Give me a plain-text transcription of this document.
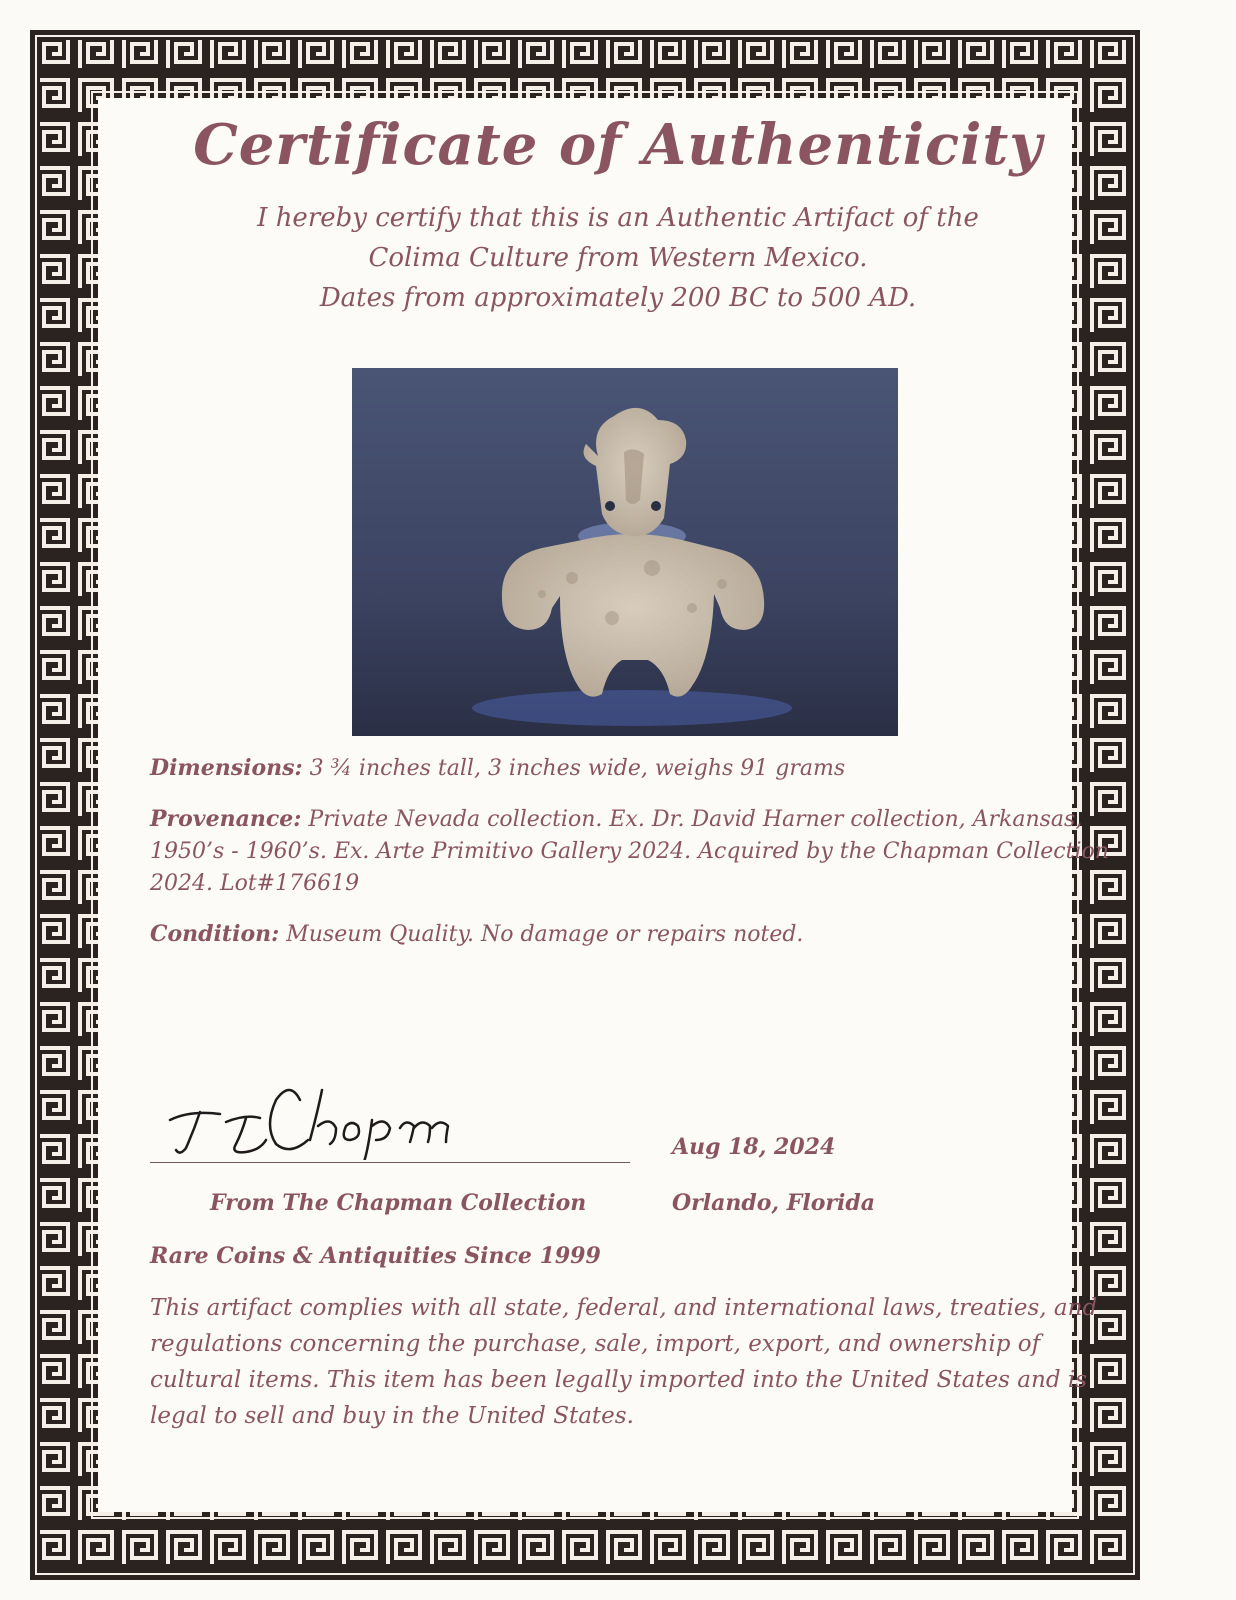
Certificate of Authenticity
I hereby certify that this is an Authentic Artifact of the
Colima Culture from Western Mexico.
Dates from approximately 200 BC to 500 AD.

Dimensions: 3 ¾ inches tall, 3 inches wide, weighs 91 grams

Provenance: Private Nevada collection. Ex. Dr. David Harner collection, Arkansas, 1950’s - 1960’s. Ex. Arte Primitivo Gallery 2024. Acquired by the Chapman Collection 2024. Lot#176619

Condition: Museum Quality. No damage or repairs noted.

Aug 18, 2024
From The Chapman Collection	Orlando, Florida
Rare Coins & Antiquities Since 1999
This artifact complies with all state, federal, and international laws, treaties, and regulations concerning the purchase, sale, import, export, and ownership of cultural items. This item has been legally imported into the United States and is legal to sell and buy in the United States.
